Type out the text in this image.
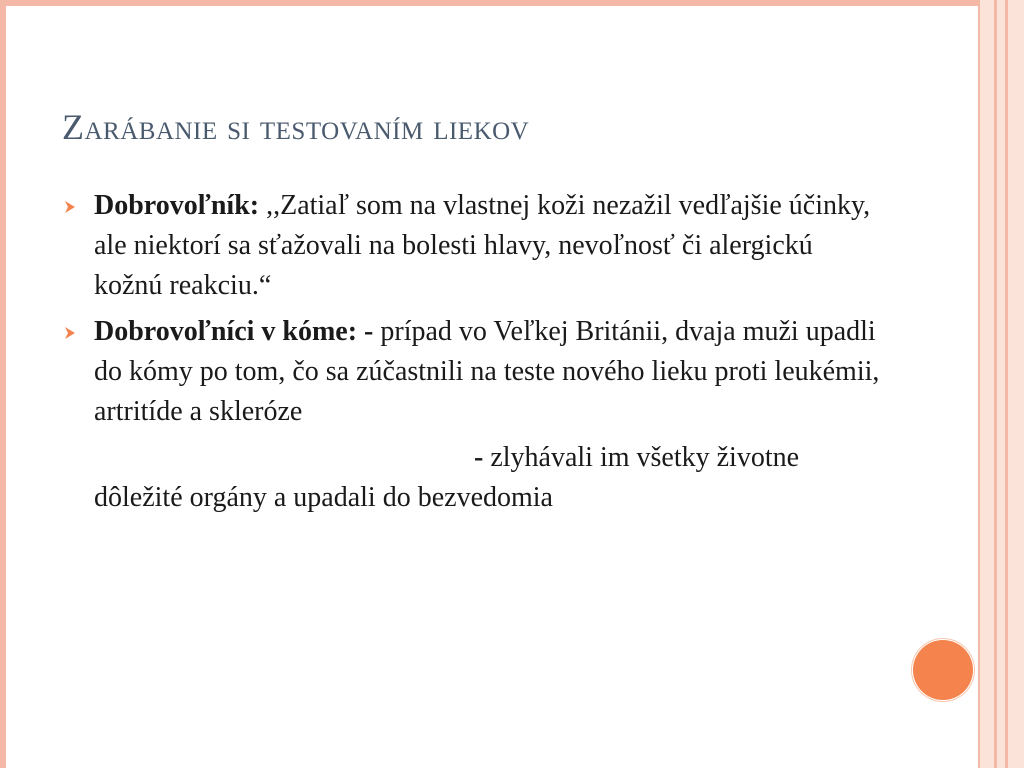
Zarábanie si testovaním liekov
Dobrovoľník: ,,Zatiaľ som na vlastnej koži nezažil vedľajšie účinky, ale niektorí sa sťažovali na bolesti hlavy, nevoľnosť či alergickú kožnú reakciu.“
Dobrovoľníci v kóme: - prípad vo Veľkej Británii, dvaja muži upadli do kómy po tom, čo sa zúčastnili na teste nového lieku proti leukémii, artritíde a skleróze
- zlyhávali im všetky životne dôležité orgány a upadali do bezvedomia
